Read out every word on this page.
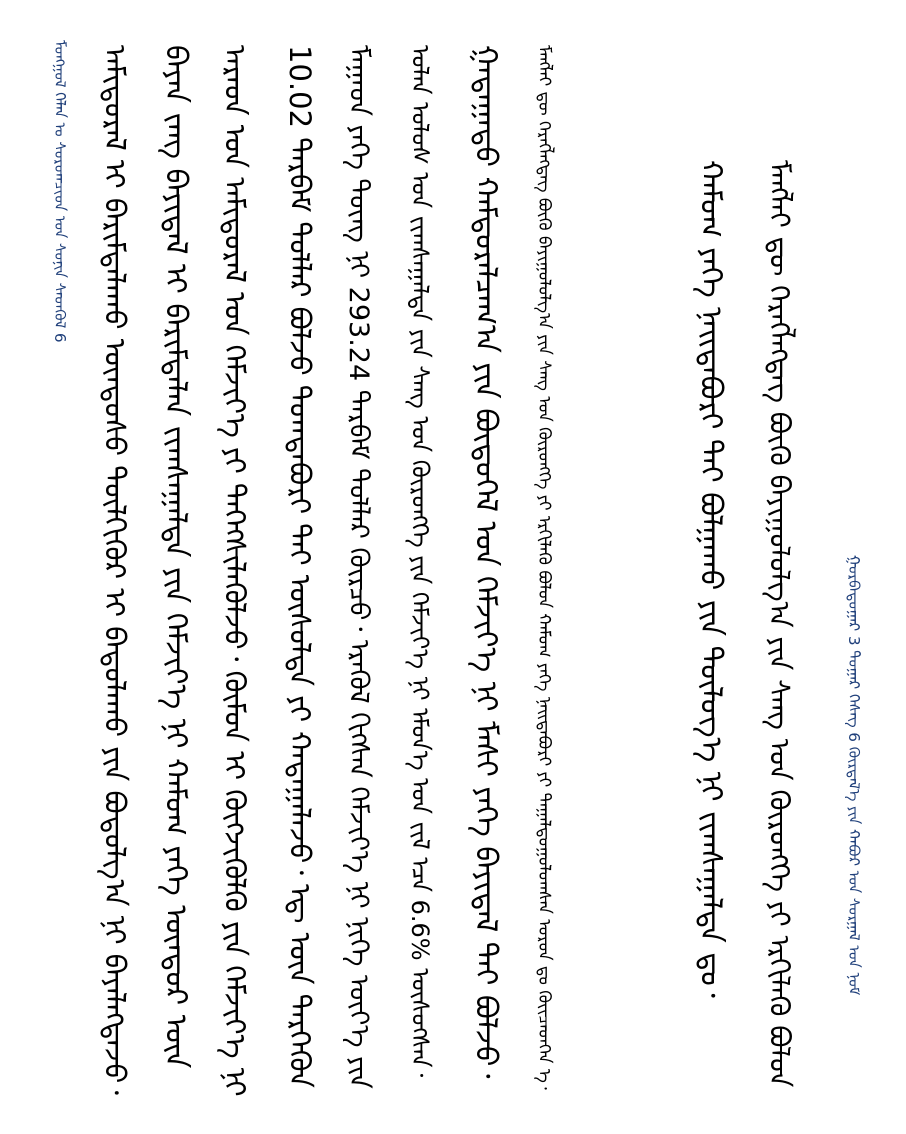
ᠮᠣᠩᠭᠣᠯ ᠬᠡᠯᠡᠨ ᠤ ᠰᠤᠷᠤᠭᠴᠢᠳ ᠤᠨ ᠰᠣᠨᠢᠨ ᠰᠡᠳᠬᠦᠯ 6 ᠠᠮᠢᠳᠤᠷᠠᠯ ᠢ ᠪᠠᠷᠢᠮᠲᠠᠯᠠᠬᠤ ᠦᠨᠳᠦᠰᠦ ᠲᠦᠯᠬᠢᠭᠦᠷ ᠢ ᠪᠠᠲᠤᠯᠠᠬᠤ ᠶᠢᠨ ᠪᠣᠳᠤᠯᠭ᠎ᠠ ᠨᠢ ᠪᠡᠶᠡᠯᠡᠭᠳᠡᠵᠦ᠂ ᠪᠠᠶᠠᠨ ᠵᠠᠩ ᠪᠠᠶᠢᠳᠠᠯ ᠢ ᠪᠠᠷᠢᠮᠲᠠᠯᠠᠨ ᠵᠢᠭᠰᠠᠭᠠᠯᠲᠠ ᠶᠢᠨ ᠬᠡᠮᠵᠢᠶ᠎ᠡ ᠨᠢ ᠬᠠᠮᠤᠭ ᠶᠡᠬᠡ ᠥᠨᠳᠦᠷ ᠦᠨ ᠠᠷᠠᠳ ᠤᠨ ᠠᠮᠢᠳᠤᠷᠠᠯ ᠤᠨ ᠬᠡᠮᠵᠢᠶ᠎ᠡ ᠶᠢ ᠳᠡᠭᠡᠭᠰᠢᠯᠡᠭᠦᠯᠵᠦ᠂ ᠬᠦᠮᠦᠨ ᠢ ᠬᠥᠭᠵᠢᠭᠦᠯᠬᠦ ᠶᠢᠨ ᠬᠡᠮᠵᠢᠶ᠎ᠡ ᠨᠢ 10.02 ᠲᠡᠷᠪᠡᠮ ᠳᠣᠯᠯᠠᠷ ᠪᠣᠯᠵᠤ ᠲᠣᠭᠲᠠᠪᠤᠷᠢ ᠲᠠᠢ ᠥᠰᠦᠯᠲᠡ ᠶᠢ ᠬᠠᠳᠠᠭᠠᠯᠠᠵᠤ᠂ ᠡᠳ᠋ ᠦᠨ ᠲᠡᠷᠭᠡᠭᠦᠨ ᠮᠠᠭᠠᠳ ᠶᠡᠬᠡ ᠳᠦᠩ ᠨᠢ 293.24 ᠲᠡᠷᠪᠡᠮ ᠳᠣᠯᠯᠠᠷ ᠬᠦᠷᠴᠦ᠂ ᠡᠷᠡᠭᠦᠯ ᠬᠢᠭᠰᠡᠨ ᠬᠡᠮᠵᠢᠶ᠎ᠡ ᠨᠢ ᠨᠢᠭᠡ ᠦᠶ᠎ᠡ ᠶᠢᠨ ᠣᠯᠠᠨ ᠤᠯᠤᠰ ᠤᠨ ᠵᠢᠭᠰᠠᠭᠠᠯᠲᠠ ᠶᠢᠨ ᠰᠠᠩ ᠤᠨ ᠬᠥᠷᠦᠩᠭᠡ ᠶᠢᠨ ᠬᠡᠮᠵᠢᠶ᠎ᠡ ᠨᠢ ᠡᠮᠦᠨ᠎ᠡ ᠤᠨ ᠵᠢᠯ ᠡᠴᠡ 6.6% ᠥᠰᠦᠭᠰᠡᠨ᠂ ᠭᠠᠳᠠᠭᠠᠳᠤ ᠬᠠᠮᠲᠤᠷᠠᠯᠴᠠᠭ᠎ᠠ ᠶᠢᠨ ᠪᠦᠲᠦᠭᠡᠯ ᠤᠨ ᠬᠡᠮᠵᠢᠶ᠎ᠡ ᠨᠢ ᠮᠠᠰᠢ ᠶᠡᠬᠡ ᠪᠠᠶᠢᠳᠠᠯ ᠲᠠᠢ ᠪᠣᠯᠵᠤ᠂ ᠮᠠᠩᠯᠠᠢ ᠳᠦ ᠬᠡᠷᠡᠭᠯᠡᠭᠳᠡᠭ ᠪᠦᠬᠦ ᠪᠠᠶᠢᠭᠤᠯᠤᠯᠭ᠎ᠠ ᠶᠢᠨ ᠰᠠᠩ ᠤᠨ ᠬᠥᠷᠦᠩᠭᠡ ᠶᠢ ᠡᠷᠬᠢᠯᠡᠬᠦ ᠪᠣᠯᠣᠨ ᠬᠠᠮᠤᠭ ᠶᠡᠬᠡ ᠨᠠᠢᠳᠠᠪᠤᠷᠢ ᠶᠢ ᠳᠠᠭᠠᠯᠳᠤᠭᠤᠯᠤᠭᠰᠠᠨ ᠣᠷᠤᠨ ᠳᠤ ᠭᠦᠢᠴᠡᠳᠬᠡᠨ ᠡ᠂	ᠬᠠᠮᠤᠭ ᠶᠡᠬᠡ ᠨᠠᠢᠳᠠᠪᠤᠷᠢ ᠲᠠᠢ ᠪᠣᠯᠭᠠᠬᠤ ᠶᠢᠨ ᠲᠥᠯᠥᠭ᠎ᠡ ᠨᠢ ᠵᠢᠭᠰᠠᠭᠠᠯᠲᠠ ᠳᠤ᠂ ᠮᠠᠩᠯᠠᠢ ᠳᠦ ᠬᠡᠷᠡᠭᠯᠡᠭᠳᠡᠭ ᠪᠦᠬᠦ ᠪᠠᠶᠢᠭᠤᠯᠤᠯᠭ᠎ᠠ ᠶᠢᠨ ᠰᠠᠩ ᠤᠨ ᠬᠥᠷᠦᠩᠭᠡ ᠶᠢ ᠡᠷᠬᠢᠯᠡᠬᠦ ᠪᠣᠯᠣᠨ	ᠭᠤᠷᠪᠠᠳᠤᠭᠠᠷ 3 ᠳᠤᠭᠠᠷ ᠬᠡᠰᠡᠭ 6 ᠬᠦᠷᠲᠡᠯ᠎ᠡ ᠶᠢᠨ ᠬᠠᠪᠤᠷ ᠤᠨ ᠰᠤᠷᠭᠠᠯ ᠤᠨ ᠨᠣᠮ
